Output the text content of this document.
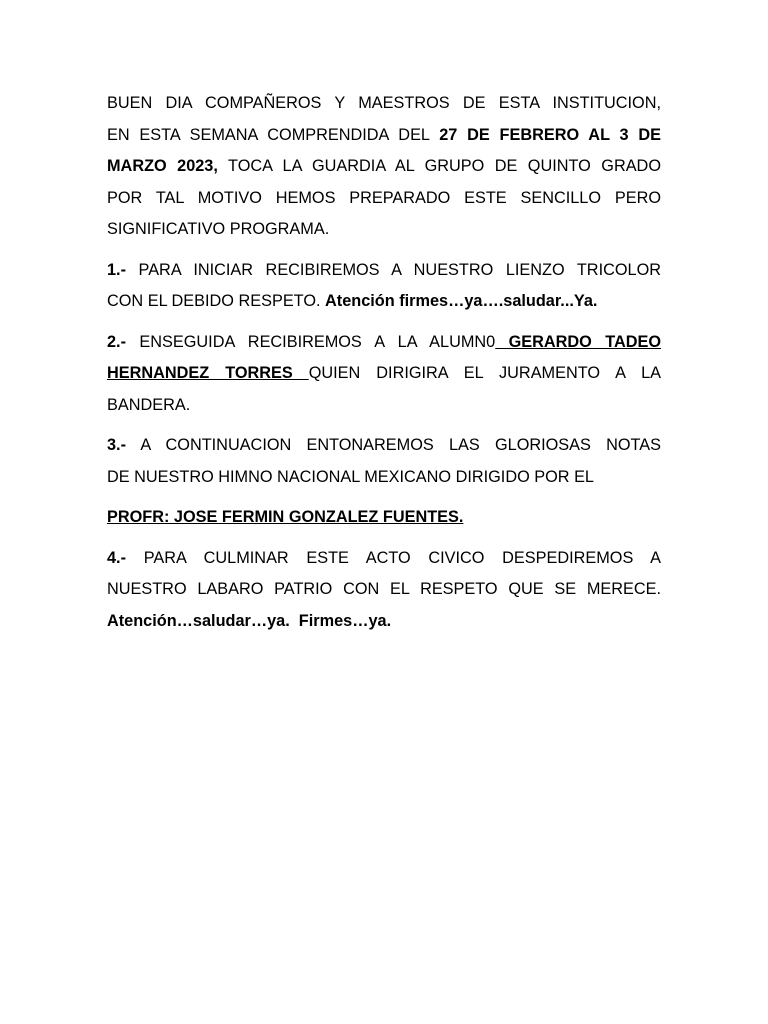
BUEN DIA COMPAÑEROS Y MAESTROS DE ESTA INSTITUCION,
EN ESTA SEMANA COMPRENDIDA DEL 27 DE FEBRERO AL 3 DE
MARZO 2023, TOCA LA GUARDIA AL GRUPO DE QUINTO GRADO
POR TAL MOTIVO HEMOS PREPARADO ESTE SENCILLO PERO
SIGNIFICATIVO PROGRAMA.

1.- PARA INICIAR RECIBIREMOS A NUESTRO LIENZO TRICOLOR
CON EL DEBIDO RESPETO. Atención firmes…ya….saludar...Ya.

2.- ENSEGUIDA RECIBIREMOS A LA ALUMN0 GERARDO TADEO
HERNANDEZ TORRES QUIEN DIRIGIRA EL JURAMENTO A LA
BANDERA.

3.- A CONTINUACION ENTONAREMOS LAS GLORIOSAS NOTAS
DE NUESTRO HIMNO NACIONAL MEXICANO DIRIGIDO POR EL

PROFR: JOSE FERMIN GONZALEZ FUENTES.

4.- PARA CULMINAR ESTE ACTO CIVICO DESPEDIREMOS A
NUESTRO LABARO PATRIO CON EL RESPETO QUE SE MERECE.
Atención…saludar…ya.  Firmes…ya.
